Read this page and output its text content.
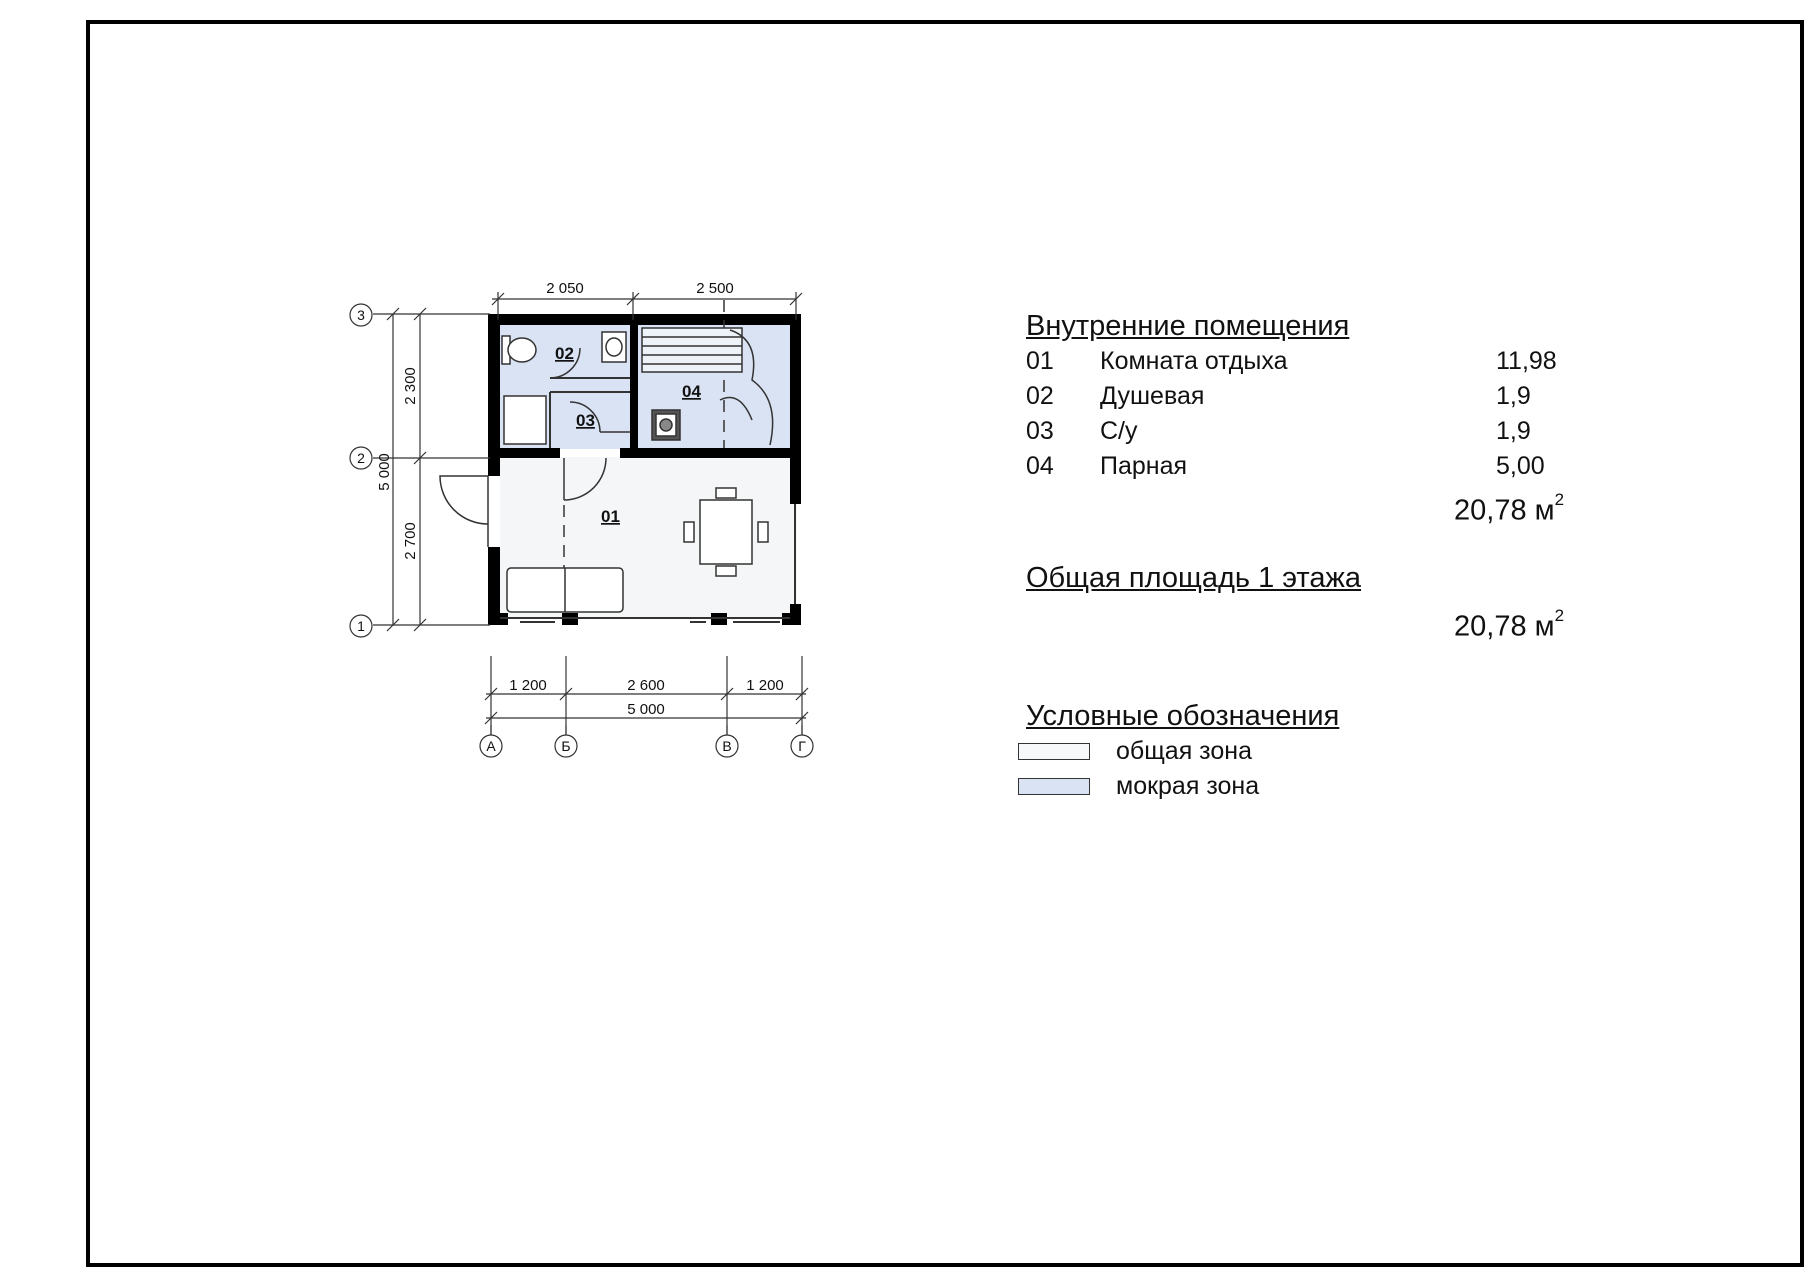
01
02
03
04
2 050	2 500
1 200	2 600	1 200
5 000
2 300
2 700
5 000
3
2
1
А	Б	В	Г
Внутренние помещения
01 Комната отдыха	11,98
02 Душевая	1,9
03 С/у	1,9
04 Парная	5,00
20,78 $м^2$
Общая площадь 1 этажа
20,78 $м^2$
Условные обозначения
общая зона
мокрая зона
